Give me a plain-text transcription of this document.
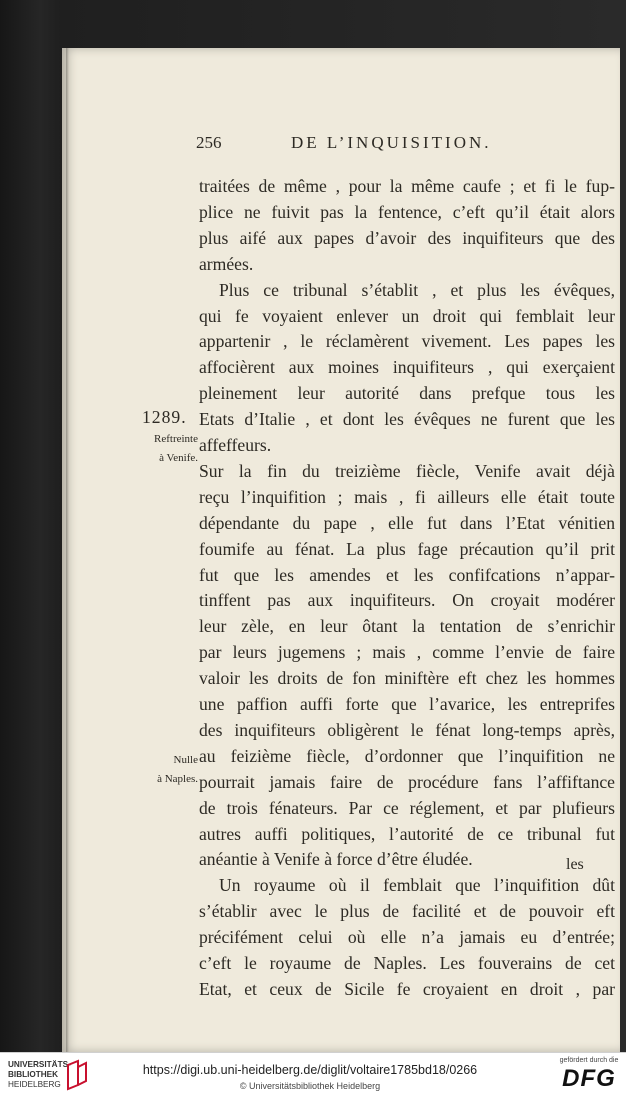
256	DE L’INQUISITION.
1289.
Reftreinte
à Venife.
Nulle
à Naples.
traitées de même , pour la même caufe ; et fi le fup-
plice ne fuivit pas la fentence, c’eft qu’il était alors
plus aifé aux papes d’avoir des inquifiteurs que des
armées.
Plus ce tribunal s’établit , et plus les évêques,
qui fe voyaient enlever un droit qui femblait leur
appartenir , le réclamèrent vivement. Les papes les
affocièrent aux moines inquifiteurs , qui exerçaient
pleinement leur autorité dans prefque tous les
Etats d’Italie , et dont les évêques ne furent que les
affeffeurs.
Sur la fin du treizième fiècle, Venife avait déjà
reçu l’inquifition ; mais , fi ailleurs elle était toute
dépendante du pape , elle fut dans l’Etat vénitien
foumife au fénat. La plus fage précaution qu’il prit
fut que les amendes et les confifcations n’appar-
tinffent pas aux inquifiteurs. On croyait modérer
leur zèle, en leur ôtant la tentation de s’enrichir
par leurs jugemens ; mais , comme l’envie de faire
valoir les droits de fon miniftère eft chez les hommes
une paffion auffi forte que l’avarice, les entreprifes
des inquifiteurs obligèrent le fénat long-temps après,
au feizième fiècle, d’ordonner que l’inquifition ne
pourrait jamais faire de procédure fans l’affiftance
de trois fénateurs. Par ce réglement, et par plufieurs
autres auffi politiques, l’autorité de ce tribunal fut
anéantie à Venife à force d’être éludée.
Un royaume où il femblait que l’inquifition dût
s’établir avec le plus de facilité et de pouvoir eft
précifément celui où elle n’a jamais eu d’entrée;
c’eft le royaume de Naples. Les fouverains de cet
Etat, et ceux de Sicile fe croyaient en droit , par
les
UNIVERSITÄTS-
BIBLIOTHEK
HEIDELBERG
https://digi.ub.uni-heidelberg.de/diglit/voltaire1785bd18/0266
© Universitätsbibliothek Heidelberg
gefördert durch die
DFG
